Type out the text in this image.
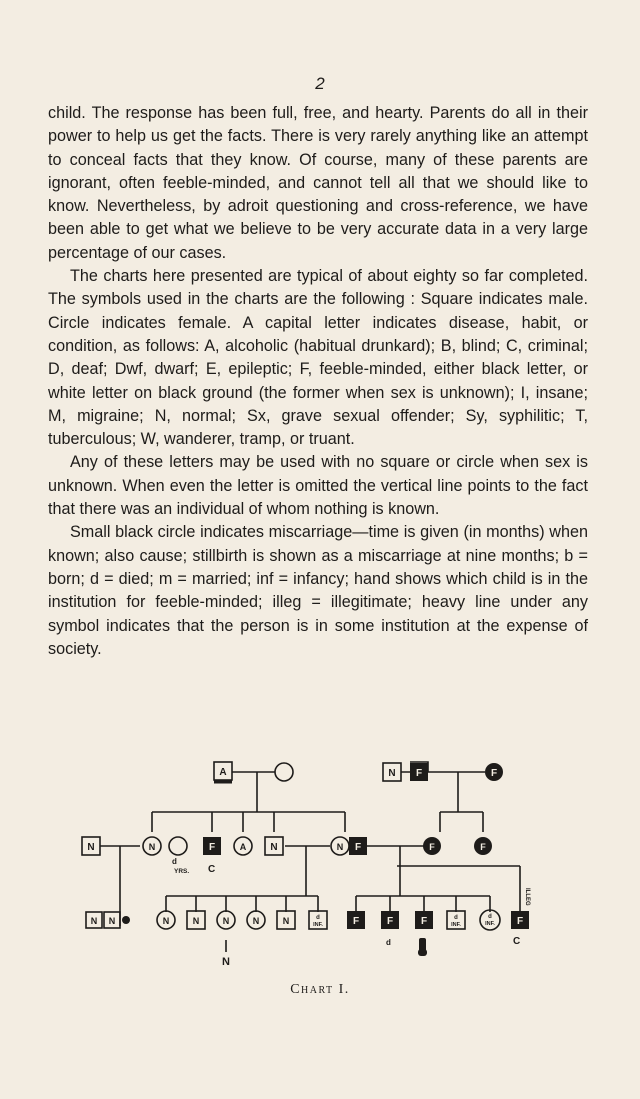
2

child. The response has been full, free, and hearty. Parents do all in their power to help us get the facts. There is very rarely anything like an attempt to conceal facts that they know. Of course, many of these parents are ignorant, often feeble-minded, and cannot tell all that we should like to know. Nevertheless, by adroit questioning and cross-reference, we have been able to get what we believe to be very accurate data in a very large percentage of our cases.

The charts here presented are typical of about eighty so far completed. The symbols used in the charts are the following : Square indicates male. Circle indicates female. A capital letter indicates disease, habit, or condition, as follows: A, alcoholic (habitual drunkard); B, blind; C, criminal; D, deaf; Dwf, dwarf; E, epileptic; F, feeble-minded, either black letter, or white letter on black ground (the former when sex is unknown); I, insane; M, migraine; N, normal; Sx, grave sexual offender; Sy, syphilitic; T, tuberculous; W, wanderer, tramp, or truant.

Any of these letters may be used with no square or circle when sex is unknown. When even the letter is omitted the vertical line points to the fact that there was an individual of whom nothing is known.

Small black circle indicates miscarriage—time is given (in months) when known; also cause; stillbirth is shown as a miscarriage at nine months; b = born; d = died; m = married; inf = infancy; hand shows which child is in the institution for feeble-minded; illeg = illegitimate; heavy line under any symbol indicates that the person is in some institution at the expense of society.

A	N F	F
N	N
d
YRS.
F
C
A N	N F	F	F
ILLEG
N N	N	N	N
N
N	N	d
INF.	F	F
d
F	d
INF.
d
INF. F
C
Chart I.
